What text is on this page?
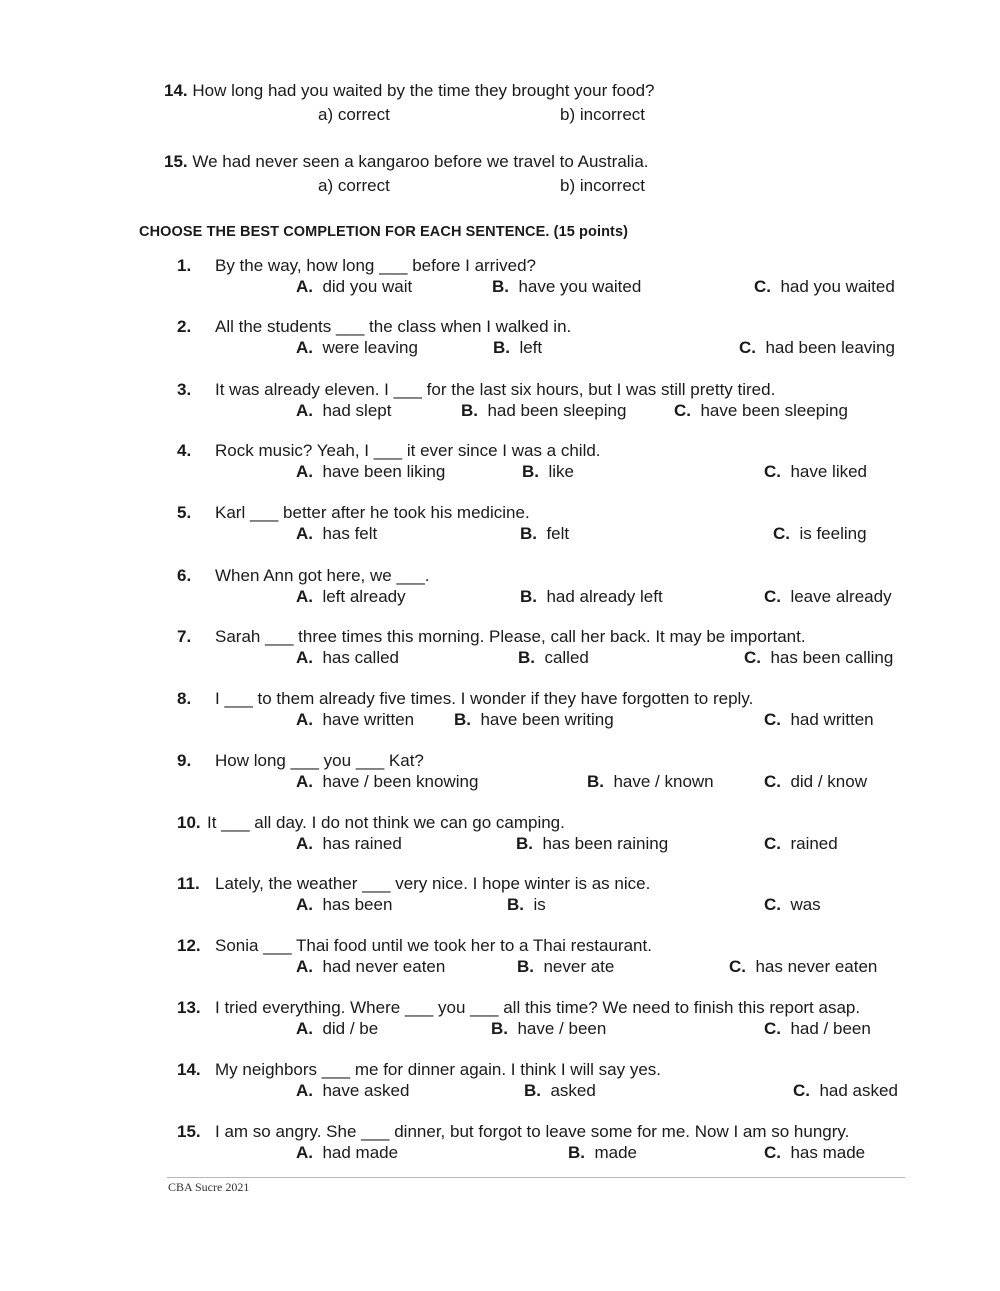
14. How long had you waited by the time they brought your food?
a) correct	b) incorrect
15. We had never seen a kangaroo before we travel to Australia.
a) correct	b) incorrect
CHOOSE THE BEST COMPLETION FOR EACH SENTENCE. (15 points)
1. By the way, how long ___ before I arrived?
A. did you wait	B. have you waited	C. had you waited
2. All the students ___ the class when I walked in.
A. were leaving	B. left	C. had been leaving
3. It was already eleven. I ___ for the last six hours, but I was still pretty tired.
A. had slept	B. had been sleeping	C. have been sleeping
4. Rock music? Yeah, I ___ it ever since I was a child.
A. have been liking	B. like	C. have liked
5. Karl ___ better after he took his medicine.
A. has felt	B. felt	C. is feeling
6. When Ann got here, we ___.
A. left already	B. had already left	C. leave already
7. Sarah ___ three times this morning. Please, call her back. It may be important.
A. has called	B. called	C. has been calling
8. I ___ to them already five times. I wonder if they have forgotten to reply.
A. have written B. have been writing	C. had written
9. How long ___ you ___ Kat?
A. have / been knowing	B. have / known	C. did / know
10. It ___ all day. I do not think we can go camping.
A. has rained	B. has been raining	C. rained
11. Lately, the weather ___ very nice. I hope winter is as nice.
A. has been	B. is	C. was
12. Sonia ___ Thai food until we took her to a Thai restaurant.
A. had never eaten	B. never ate	C. has never eaten
13. I tried everything. Where ___ you ___ all this time? We need to finish this report asap.
A. did / be	B. have / been	C. had / been
14. My neighbors ___ me for dinner again. I think I will say yes.
A. have asked	B. asked	C. had asked
15. I am so angry. She ___ dinner, but forgot to leave some for me. Now I am so hungry.
A. had made	B. made	C. has made
CBA Sucre 2021
